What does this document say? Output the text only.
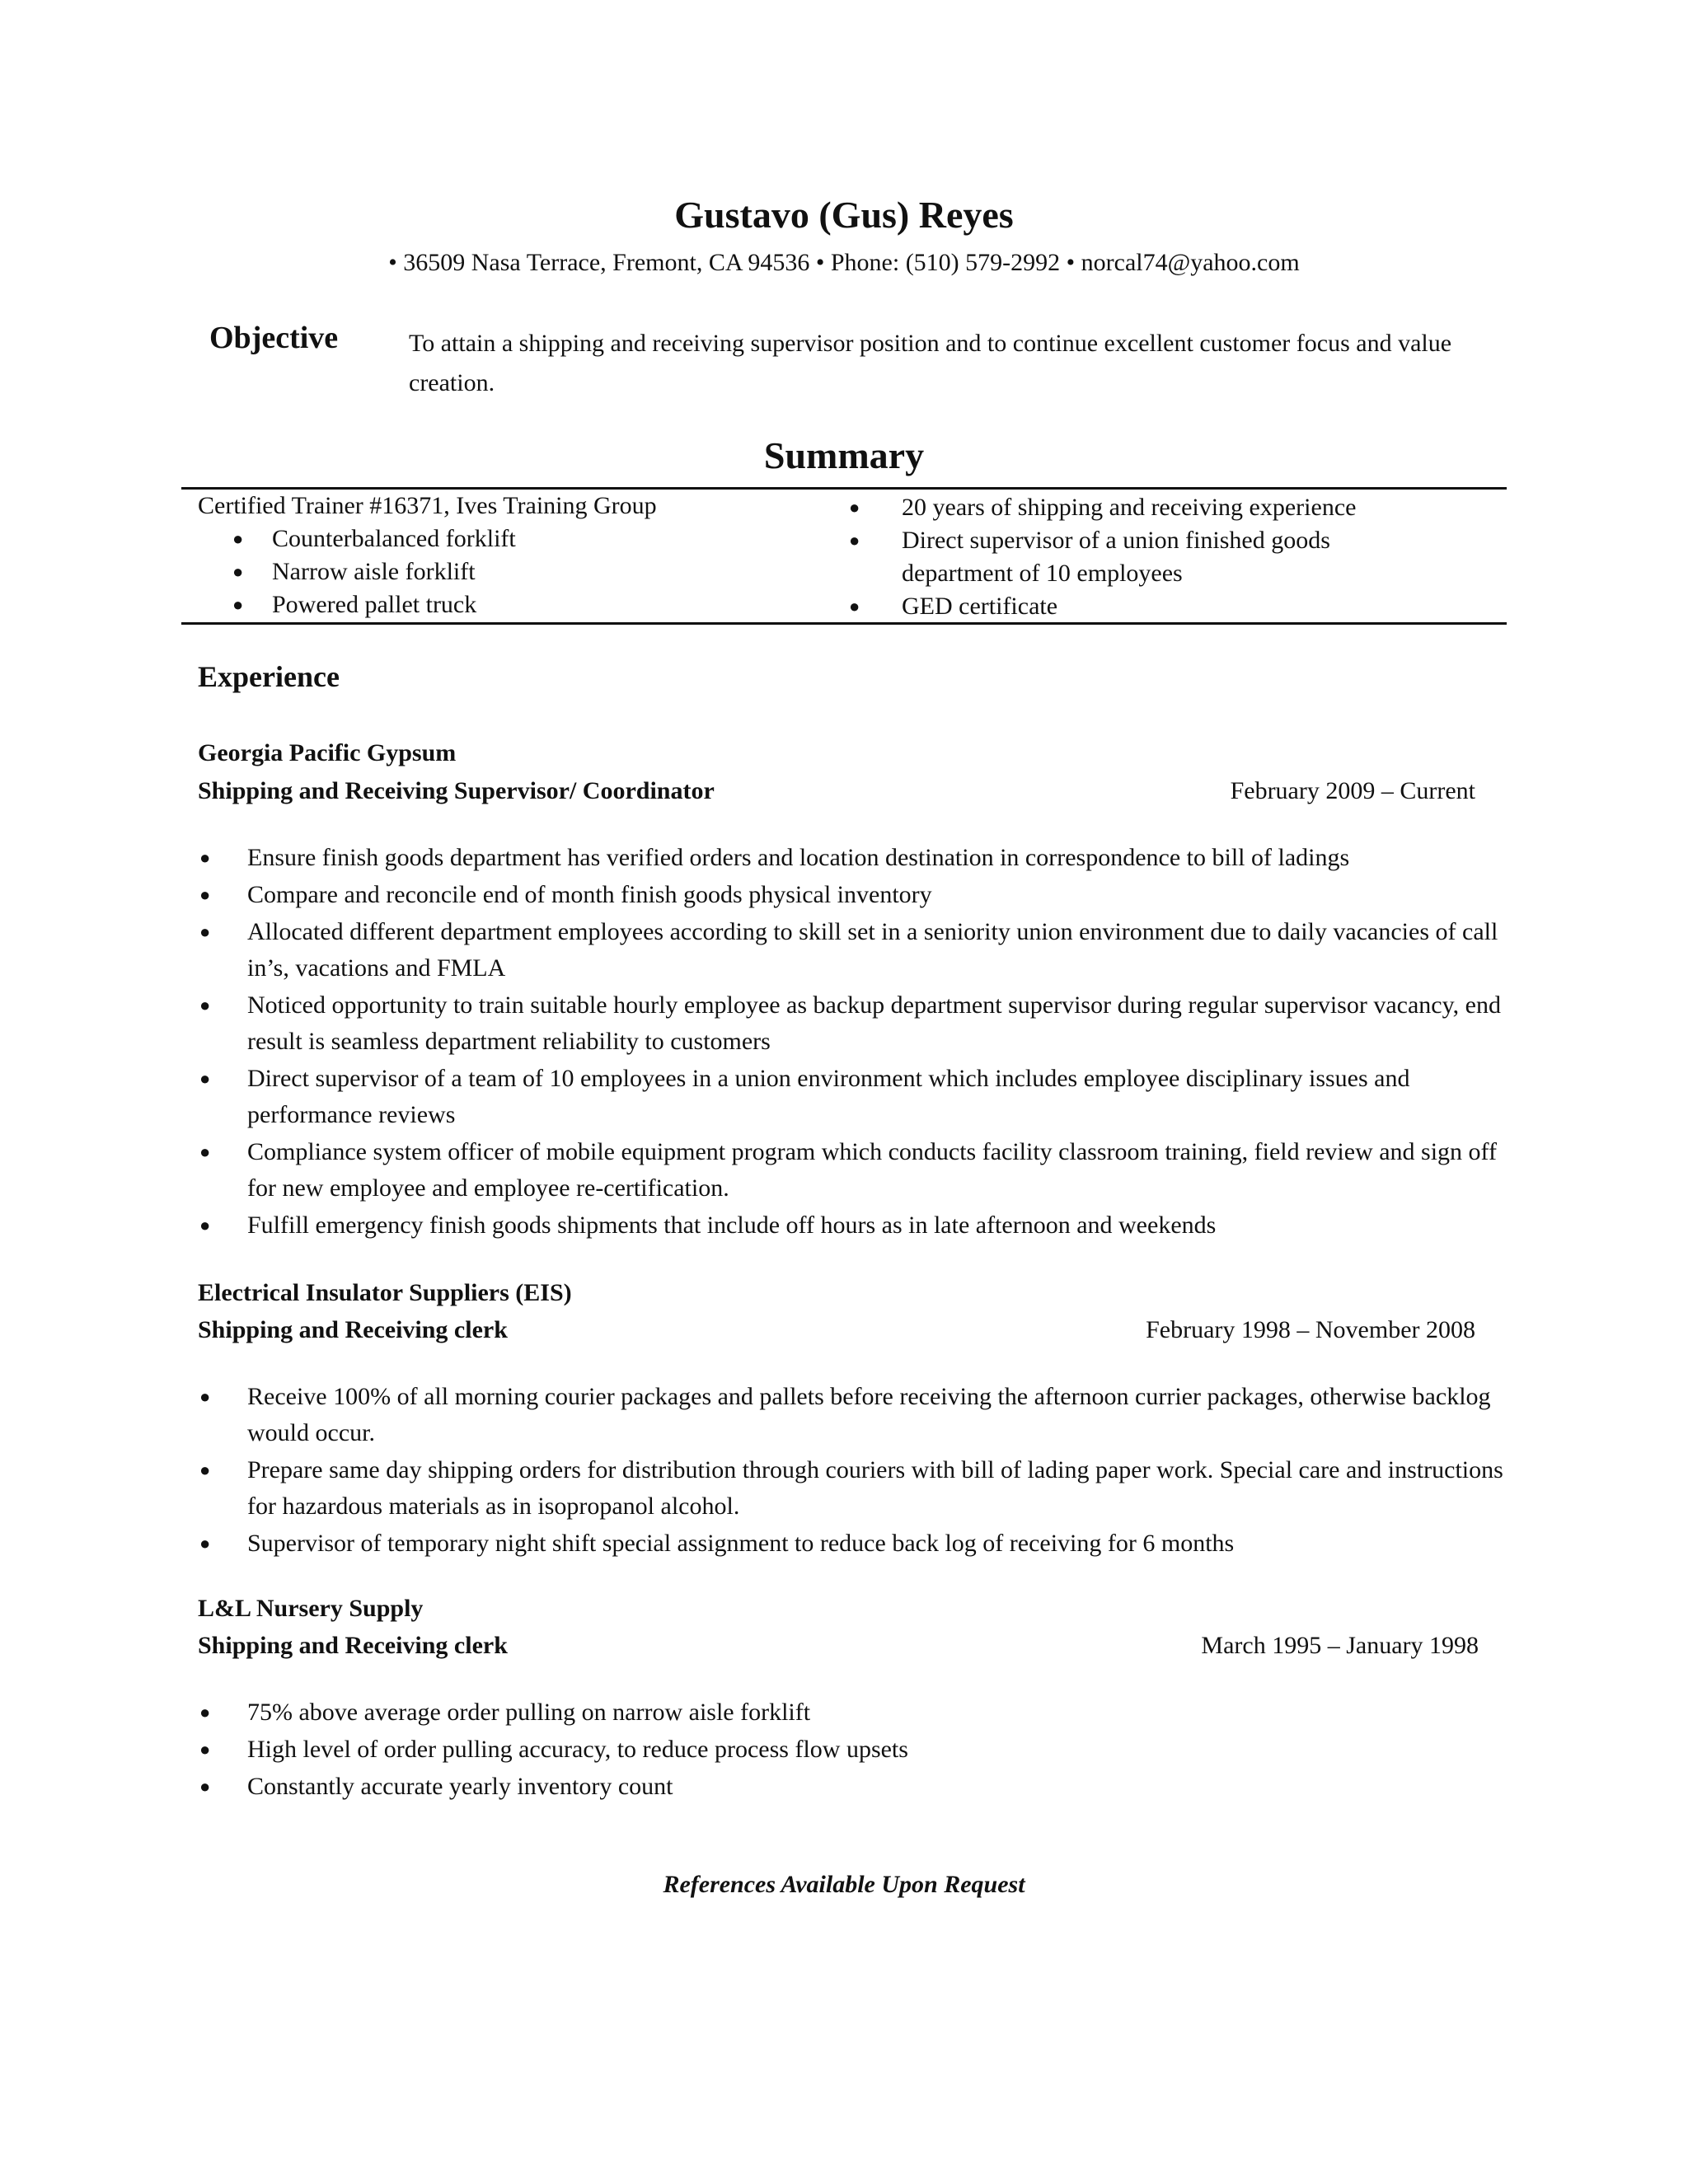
Gustavo (Gus) Reyes
• 36509 Nasa Terrace, Fremont, CA 94536 • Phone: (510) 579-2992 • norcal74@yahoo.com
Objective	To attain a shipping and receiving supervisor position and to continue excellent customer focus and value creation.
Summary
Certified Trainer #16371, Ives Training Group
● Counterbalanced forklift
● Narrow aisle forklift
● Powered pallet truck
● 20 years of shipping and receiving experience
● Direct supervisor of a union finished goods department of 10 employees
● GED certificate
Experience
Georgia Pacific Gypsum
Shipping and Receiving Supervisor/ Coordinator	February 2009 – Current
● Ensure finish goods department has verified orders and location destination in correspondence to bill of ladings
● Compare and reconcile end of month finish goods physical inventory
● Allocated different department employees according to skill set in a seniority union environment due to daily vacancies of call in’s, vacations and FMLA
● Noticed opportunity to train suitable hourly employee as backup department supervisor during regular supervisor vacancy, end result is seamless department reliability to customers
● Direct supervisor of a team of 10 employees in a union environment which includes employee disciplinary issues and performance reviews
● Compliance system officer of mobile equipment program which conducts facility classroom training, field review and sign off for new employee and employee re-certification.
● Fulfill emergency finish goods shipments that include off hours as in late afternoon and weekends
Electrical Insulator Suppliers (EIS)
Shipping and Receiving clerk	February 1998 – November 2008
● Receive 100% of all morning courier packages and pallets before receiving the afternoon currier packages, otherwise backlog would occur.
● Prepare same day shipping orders for distribution through couriers with bill of lading paper work. Special care and instructions for hazardous materials as in isopropanol alcohol.
● Supervisor of temporary night shift special assignment to reduce back log of receiving for 6 months
L&L Nursery Supply
Shipping and Receiving clerk	March 1995 – January 1998
● 75% above average order pulling on narrow aisle forklift
● High level of order pulling accuracy, to reduce process flow upsets
● Constantly accurate yearly inventory count
References Available Upon Request
